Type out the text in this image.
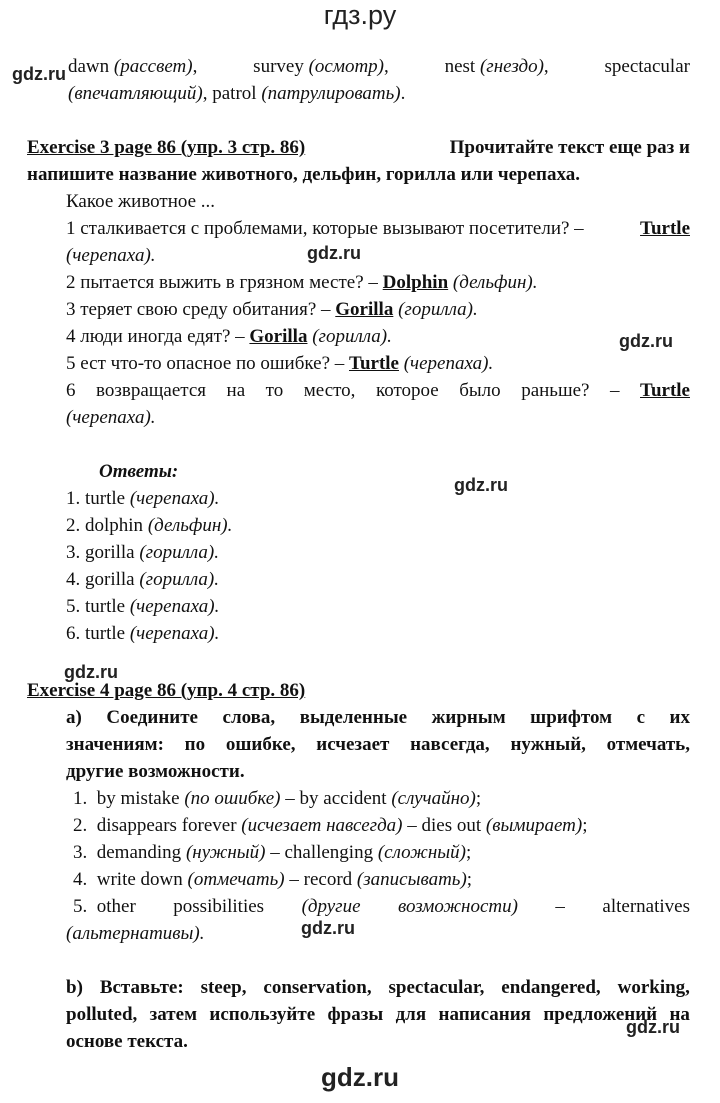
гдз.ру
gdz.ru
gdz.ru
gdz.ru
gdz.ru
gdz.ru
gdz.ru
gdz.ru
dawn (рассвет),	survey (осмотр),	nest (гнездо),	spectacular
(впечатляющий), patrol (патрулировать).
Exercise 3 page 86 (упр. 3 стр. 86)	Прочитайте текст еще раз и
напишите название животного, дельфин, горилла или черепаха.
Какое животное ...
1 сталкивается с проблемами, которые вызывают посетители? –	Turtle
(черепаха).
2 пытается выжить в грязном месте? – Dolphin (дельфин).
3 теряет свою среду обитания? – Gorilla (горилла).
4 люди иногда едят? – Gorilla (горилла).
5 ест что-то опасное по ошибке? – Turtle (черепаха).
6 возвращается на то место, которое было раньше? – Turtle
(черепаха).
Ответы:
1. turtle (черепаха).
2. dolphin (дельфин).
3. gorilla (горилла).
4. gorilla (горилла).
5. turtle (черепаха).
6. turtle (черепаха).
Exercise 4 page 86 (упр. 4 стр. 86)
a) Соедините слова, выделенные жирным шрифтом с их
значениям: по ошибке, исчезает навсегда, нужный, отмечать,
другие возможности.
1. by mistake (по ошибке) – by accident (случайно);
2. disappears forever (исчезает навсегда) – dies out (вымирает);
3. demanding (нужный) – challenging (сложный);
4. write down (отмечать) – record (записывать);
5. other possibilities (другие возможности) – alternatives
(альтернативы).
b) Вставьте: steep, conservation, spectacular, endangered, working,
polluted, затем используйте фразы для написания предложений на
основе текста.
gdz.ru
